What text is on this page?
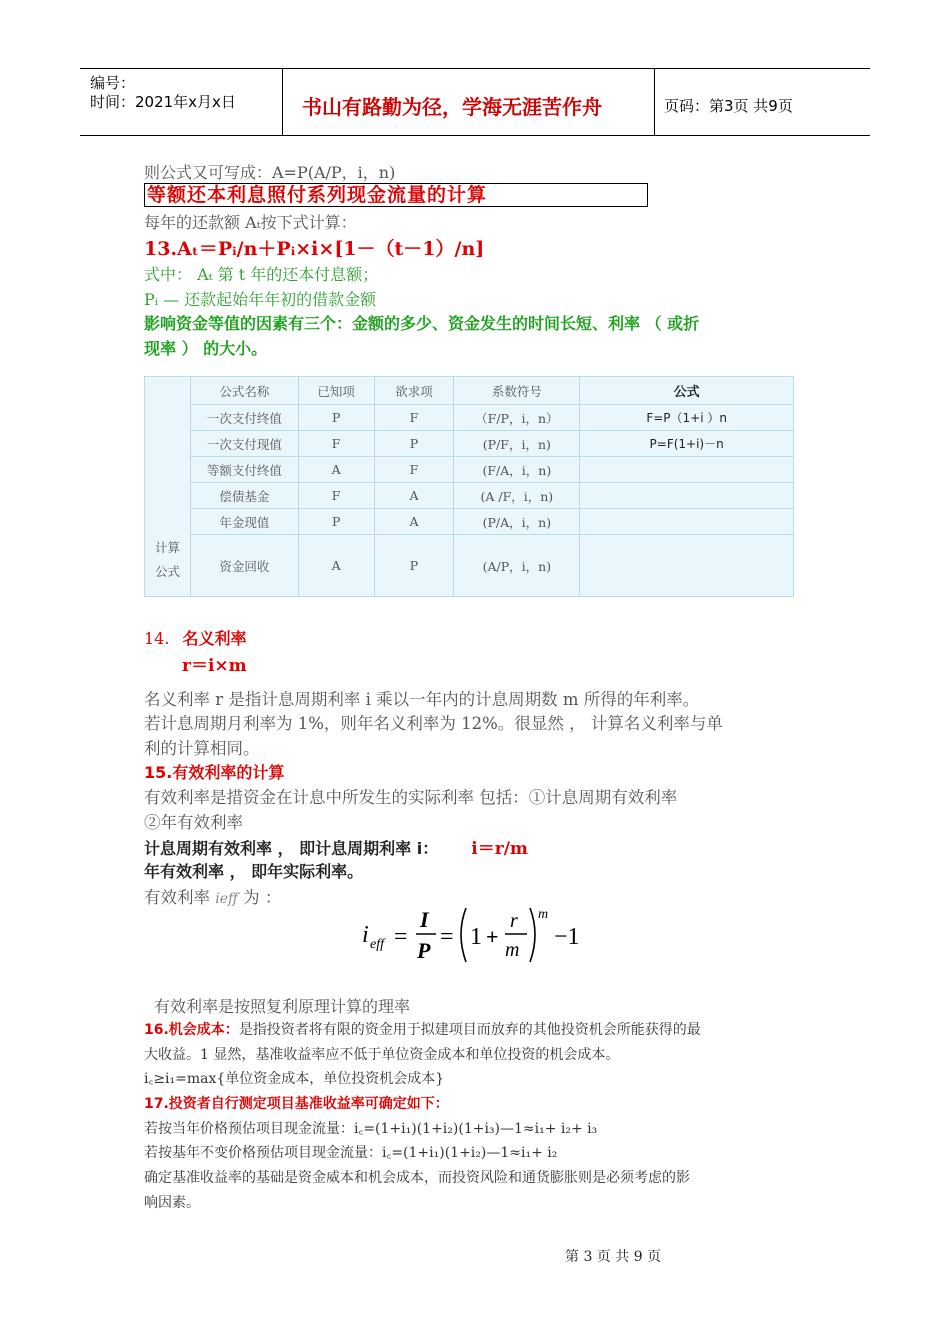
编号：
时间：2021年x月x日	书山有路勤为径，学海无涯苦作舟	页码：第3页 共9页
则公式又可写成：A=P(A/P，i，n)
等额还本利息照付系列现金流量的计算
每年的还款额 Aₜ按下式计算：
13.Aₜ＝Pᵢ/n＋Pᵢ×i×[1－（t－1）/n]
式中： Aₜ 第 t 年的还本付息额；
Pᵢ — 还款起始年年初的借款金额
影响资金等值的因素有三个：金额的多少、资金发生的时间长短、利率 （ 或折
现率 ） 的大小。
计算
公式	公式名称	已知项	欲求项	系数符号	公式
	一次支付终值	P	F	（F/P，i，n）	F=P（1+i ）n
	一次支付现值	F	P	(P/F，i，n)	P=F(1+i)－n
	等额支付终值	A	F	(F/A，i，n)	
	偿债基金	F	A	(A /F，i，n)	
	年金现值	P	A	(P/A，i，n)	
	资金回收	A	P	(A/P，i，n)	
14. 名义利率
r＝i×m
名义利率 r 是指计息周期利率 i 乘以一年内的计息周期数 m 所得的年利率。
若计息周期月利率为 1%，则年名义利率为 12%。很显然 ， 计算名义利率与单
利的计算相同。
15.有效利率的计算
有效利率是措资金在计息中所发生的实际利率 包括：①计息周期有效利率
②年有效利率
计息周期有效利率 ， 即计息周期利率 i： i＝r/m
年有效利率 ， 即年实际利率。
有效利率 ieff 为 ：
i eff =
I
P
= 1 +
r
m
m
−1
有效利率是按照复利原理计算的理率
16.机会成本：是指投资者将有限的资金用于拟建项目而放弃的其他投资机会所能获得的最
大收益。1 显然，基准收益率应不低于单位资金成本和单位投资的机会成本。
i꜀≥i₁=max{单位资金成本，单位投资机会成本}
17.投资者自行测定项目基准收益率可确定如下：
若按当年价格预估项目现金流量：i꜀=(1+i₁)(1+i₂)(1+i₃)—1≈i₁+ i₂+ i₃
若按基年不变价格预估项目现金流量：i꜀=(1+i₁)(1+i₂)—1≈i₁+ i₂
确定基准收益率的基础是资金威本和机会成本，而投资风险和通货膨胀则是必须考虑的影
响因素。
第 3 页 共 9 页
